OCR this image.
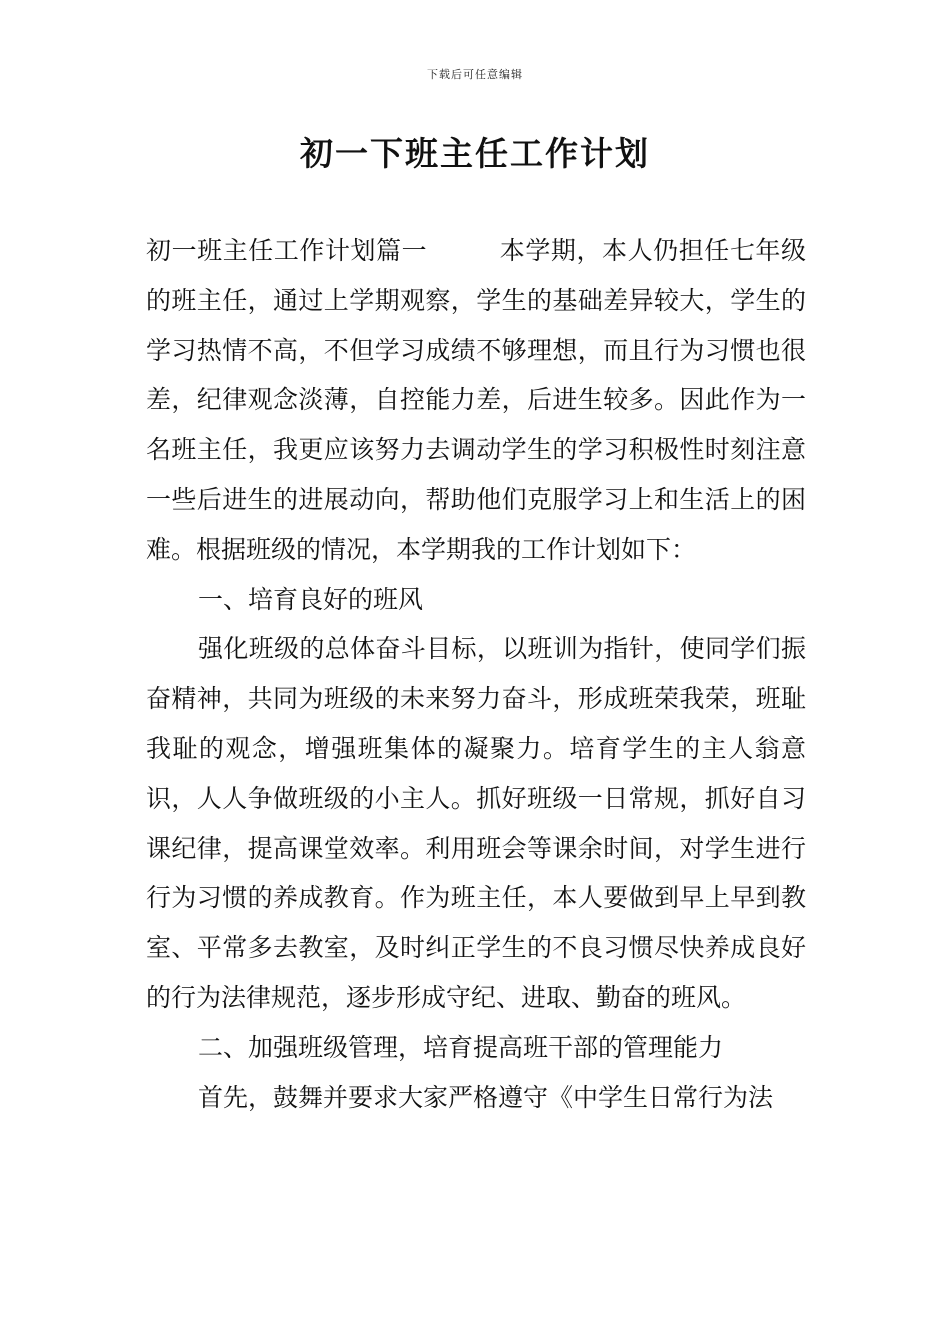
下载后可任意编辑
初一下班主任工作计划

初一班主任工作计划篇一	本学期，本人仍担任七年级的班主任，通过上学期观察，学生的基础差异较大，学生的学习热情不高，不但学习成绩不够理想，而且行为习惯也很差，纪律观念淡薄，自控能力差，后进生较多。因此作为一名班主任，我更应该努力去调动学生的学习积极性时刻注意一些后进生的进展动向，帮助他们克服学习上和生活上的困难。根据班级的情况，本学期我的工作计划如下：

一、培育良好的班风

强化班级的总体奋斗目标，以班训为指针，使同学们振奋精神，共同为班级的未来努力奋斗，形成班荣我荣，班耻我耻的观念，增强班集体的凝聚力。培育学生的主人翁意识，人人争做班级的小主人。抓好班级一日常规，抓好自习课纪律，提高课堂效率。利用班会等课余时间，对学生进行行为习惯的养成教育。作为班主任，本人要做到早上早到教室、平常多去教室，及时纠正学生的不良习惯尽快养成良好的行为法律规范，逐步形成守纪、进取、勤奋的班风。

二、加强班级管理，培育提高班干部的管理能力

首先，鼓舞并要求大家严格遵守《中学生日常行为法
